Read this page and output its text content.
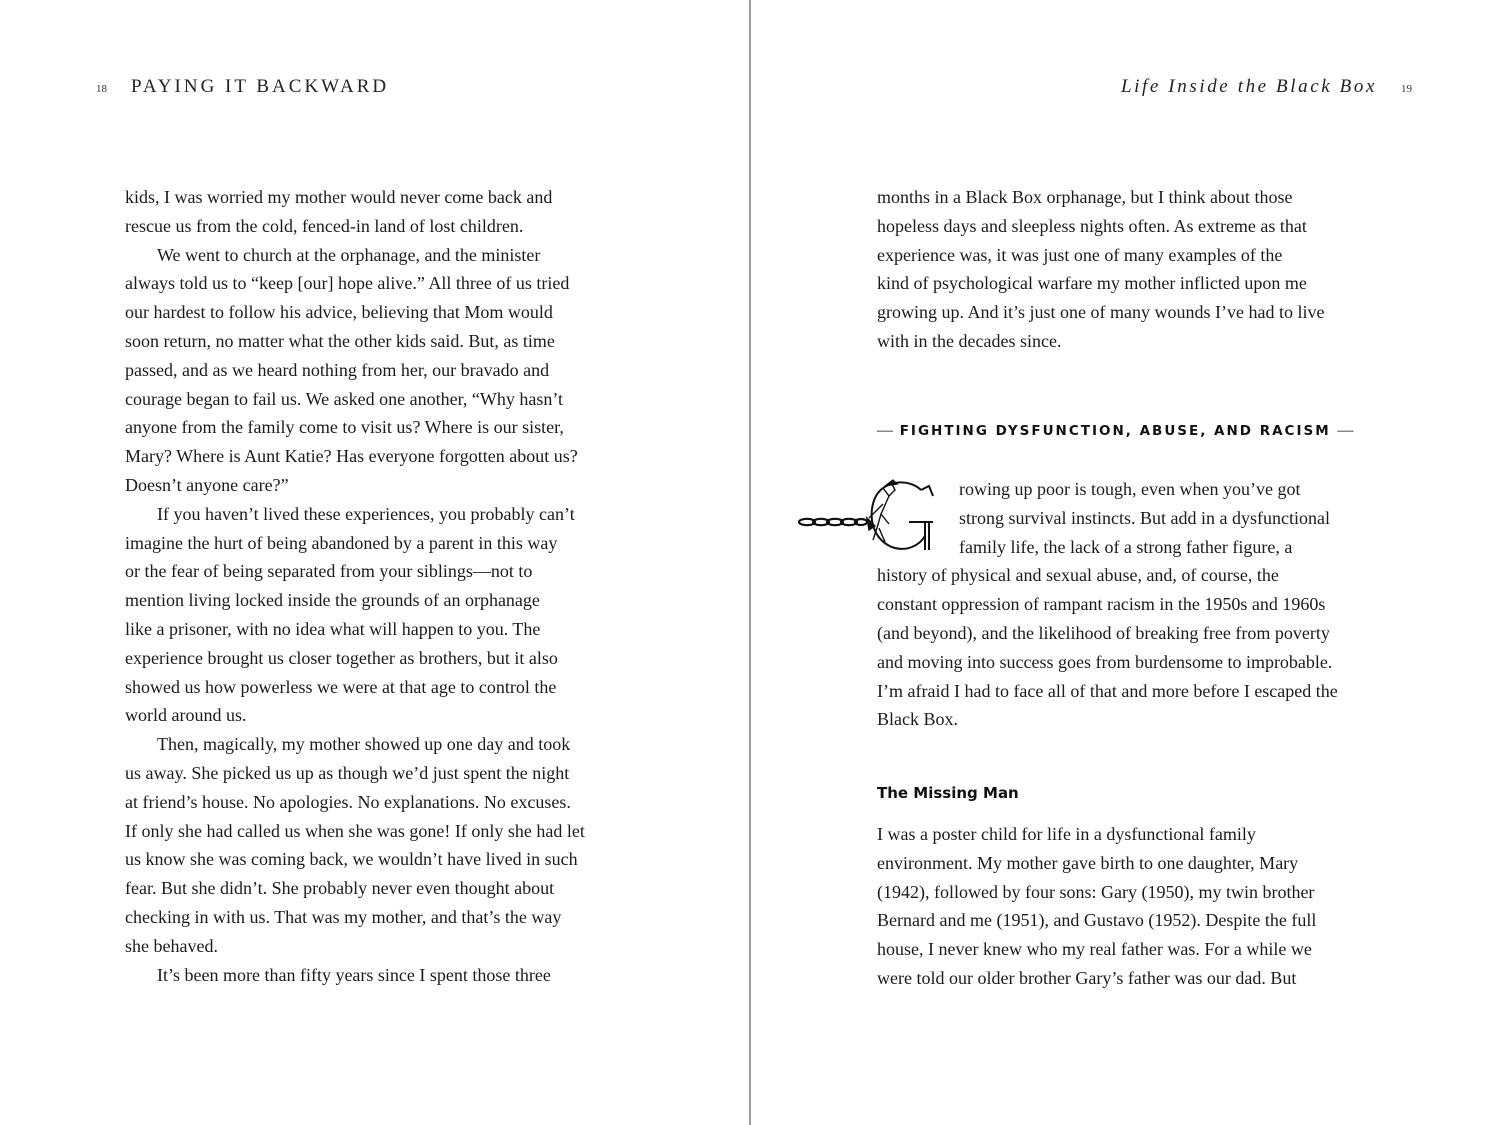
18 PAYING IT BACKWARD

kids, I was worried my mother would never come back and
rescue us from the cold, fenced-in land of lost children.

We went to church at the orphanage, and the minister
always told us to “keep [our] hope alive.” All three of us tried
our hardest to follow his advice, believing that Mom would
soon return, no matter what the other kids said. But, as time
passed, and as we heard nothing from her, our bravado and
courage began to fail us. We asked one another, “Why hasn’t
anyone from the family come to visit us? Where is our sister,
Mary? Where is Aunt Katie? Has everyone forgotten about us?
Doesn’t anyone care?”

If you haven’t lived these experiences, you probably can’t
imagine the hurt of being abandoned by a parent in this way
or the fear of being separated from your siblings—not to
mention living locked inside the grounds of an orphanage
like a prisoner, with no idea what will happen to you. The
experience brought us closer together as brothers, but it also
showed us how powerless we were at that age to control the
world around us.

Then, magically, my mother showed up one day and took
us away. She picked us up as though we’d just spent the night
at friend’s house. No apologies. No explanations. No excuses.
If only she had called us when she was gone! If only she had let
us know she was coming back, we wouldn’t have lived in such
fear. But she didn’t. She probably never even thought about
checking in with us. That was my mother, and that’s the way
she behaved.

It’s been more than fifty years since I spent those three

Life Inside the Black Box 19
months in a Black Box orphanage, but I think about those
hopeless days and sleepless nights often. As extreme as that
experience was, it was just one of many examples of the
kind of psychological warfare my mother inflicted upon me
growing up. And it’s just one of many wounds I’ve had to live
with in the decades since.
— FIGHTING DYSFUNCTION, ABUSE, AND RACISM —
rowing up poor is tough, even when you’ve got
strong survival instincts. But add in a dysfunctional
family life, the lack of a strong father figure, a
history of physical and sexual abuse, and, of course, the
constant oppression of rampant racism in the 1950s and 1960s
(and beyond), and the likelihood of breaking free from poverty
and moving into success goes from burdensome to improbable.
I’m afraid I had to face all of that and more before I escaped the
Black Box.
The Missing Man
I was a poster child for life in a dysfunctional family
environment. My mother gave birth to one daughter, Mary
(1942), followed by four sons: Gary (1950), my twin brother
Bernard and me (1951), and Gustavo (1952). Despite the full
house, I never knew who my real father was. For a while we
were told our older brother Gary’s father was our dad. But
